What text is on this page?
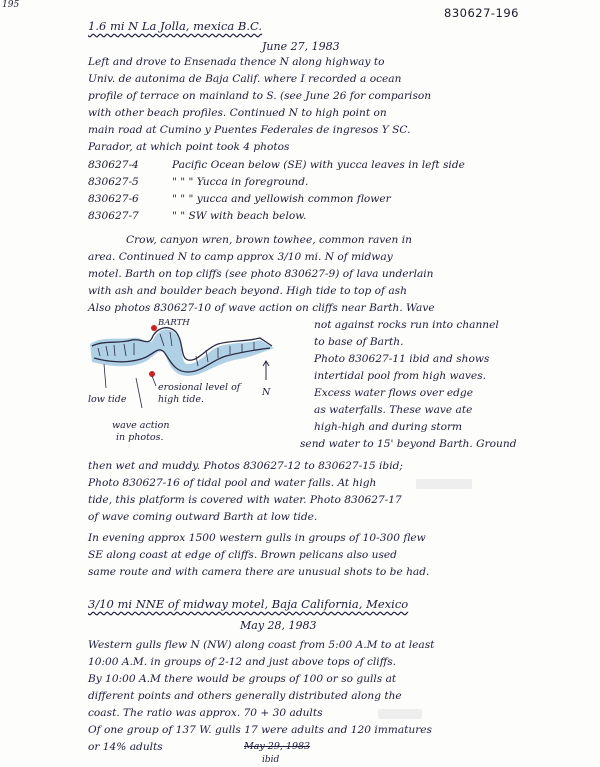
195
830627-196
1.6 mi N La Jolla, mexica B.C.
June 27, 1983
Left and drove to Ensenada thence N along highway to
Univ. de autonima de Baja Calif. where I recorded a ocean
profile of terrace on mainland to S. (see June 26 for comparison
with other beach profiles. Continued N to high point on
main road at Cumino y Puentes Federales de ingresos Y SC.
Parador, at which point took 4 photos
830627-4	Pacific Ocean below (SE) with yucca leaves in left side
830627-5	" " " Yucca in foreground.
830627-6	" " " yucca and yellowish common flower
830627-7	" " SW with beach below.
Crow, canyon wren, brown towhee, common raven in
area. Continued N to camp approx 3/10 mi. N of midway
motel. Barth on top cliffs (see photo 830627-9) of lava underlain
with ash and boulder beach beyond. High tide to top of ash
Also photos 830627-10 of wave action on cliffs near Barth. Wave
BARTH
N
low tide
erosional level of
high tide.
wave action
in photos.
not against rocks run into channel
to base of Barth.
Photo 830627-11 ibid and shows
intertidal pool from high waves.
Excess water flows over edge
as waterfalls. These wave ate
high-high and during storm
send water to 15' beyond Barth. Ground
then wet and muddy. Photos 830627-12 to 830627-15 ibid;
Photo 830627-16 of tidal pool and water falls. At high
tide, this platform is covered with water. Photo 830627-17
of wave coming outward Barth at low tide.
In evening approx 1500 western gulls in groups of 10-300 flew
SE along coast at edge of cliffs. Brown pelicans also used
same route and with camera there are unusual shots to be had.
3/10 mi NNE of midway motel, Baja California, Mexico
May 28, 1983
Western gulls flew N (NW) along coast from 5:00 A.M to at least
10:00 A.M. in groups of 2-12 and just above tops of cliffs.
By 10:00 A.M there would be groups of 100 or so gulls at
different points and others generally distributed along the
coast. The ratio was approx. 70 + 30 adults
Of one group of 137 W. gulls 17 were adults and 120 immatures
or 14% adults	May 29, 1983
ibid
